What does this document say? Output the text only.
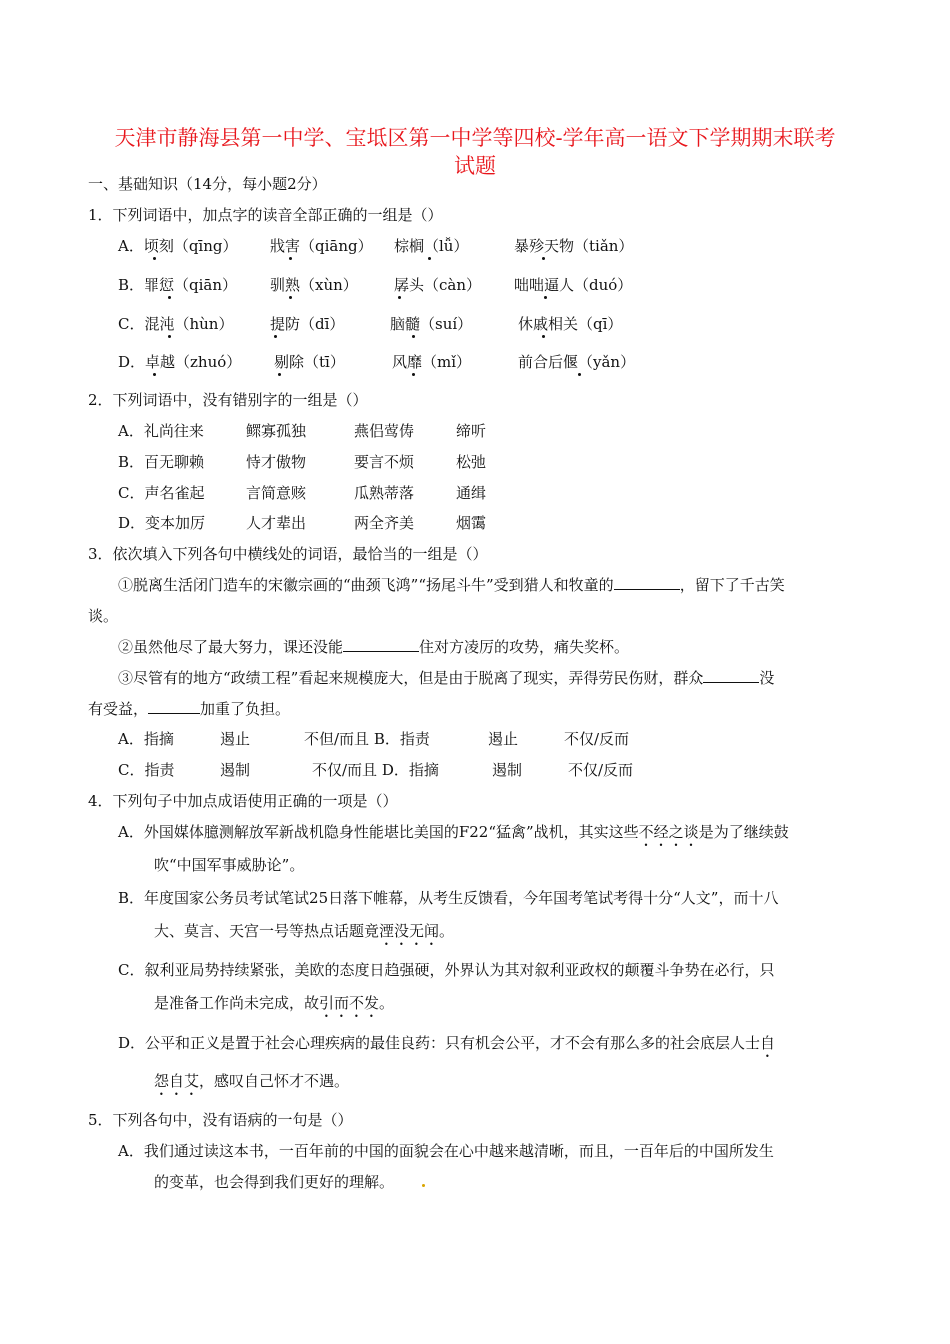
天津市静海县第一中学、宝坻区第一中学等四校-学年高一语文下学期期末联考
试题
一、基础知识（14分，每小题2分）
1．下列词语中，加点字的读音全部正确的一组是（）
A．顷刻（qīng） 戕害（qiāng） 棕榈（lǚ）	暴殄天物（tiǎn）
B．罪愆（qiān） 驯熟（xùn） 孱头（càn） 咄咄逼人（duó）
C．混沌（hùn） 提防（dī）	脑髓（suí）	休戚相关（qī）
D．卓越（zhuó） 剔除（tī）	风靡（mǐ）	前合后偃（yǎn）
2．下列词语中，没有错别字的一组是（）
A．礼尚往来	鳏寡孤独	燕侣莺俦	缔听
B．百无聊赖	恃才傲物	要言不烦	松弛
C．声名雀起	言简意赅	瓜熟蒂落	通缉
D．变本加厉	人才辈出	两全齐美	烟霭
3．依次填入下列各句中横线处的词语，最恰当的一组是（）
①脱离生活闭门造车的宋徽宗画的“曲颈飞鸿”“扬尾斗牛”受到猎人和牧童的	，留下了千古笑
谈。
②虽然他尽了最大努力，课还没能	住对方凌厉的攻势，痛失奖杯。
③尽管有的地方“政绩工程”看起来规模庞大，但是由于脱离了现实，弄得劳民伤财，群众	没
有受益，	加重了负担。
A．指摘	遏止	不但/而且 B．指责	遏止	不仅/反而
C．指责	遏制	不仅/而且 D．指摘	遏制	不仅/反而
4．下列句子中加点成语使用正确的一项是（）
A．外国媒体臆测解放军新战机隐身性能堪比美国的F22“猛禽”战机，其实这些不经之谈是为了继续鼓
吹“中国军事威胁论”。
B．年度国家公务员考试笔试25日落下帷幕，从考生反馈看，今年国考笔试考得十分“人文”，而十八
大、莫言、天宫一号等热点话题竟湮没无闻。
C．叙利亚局势持续紧张，美欧的态度日趋强硬，外界认为其对叙利亚政权的颠覆斗争势在必行，只
是准备工作尚未完成，故引而不发。
D．公平和正义是置于社会心理疾病的最佳良药：只有机会公平，才不会有那么多的社会底层人士自
怨自艾，感叹自己怀才不遇。
5．下列各句中，没有语病的一句是（）
A．我们通过读这本书，一百年前的中国的面貌会在心中越来越清晰，而且，一百年后的中国所发生
的变革，也会得到我们更好的理解。
